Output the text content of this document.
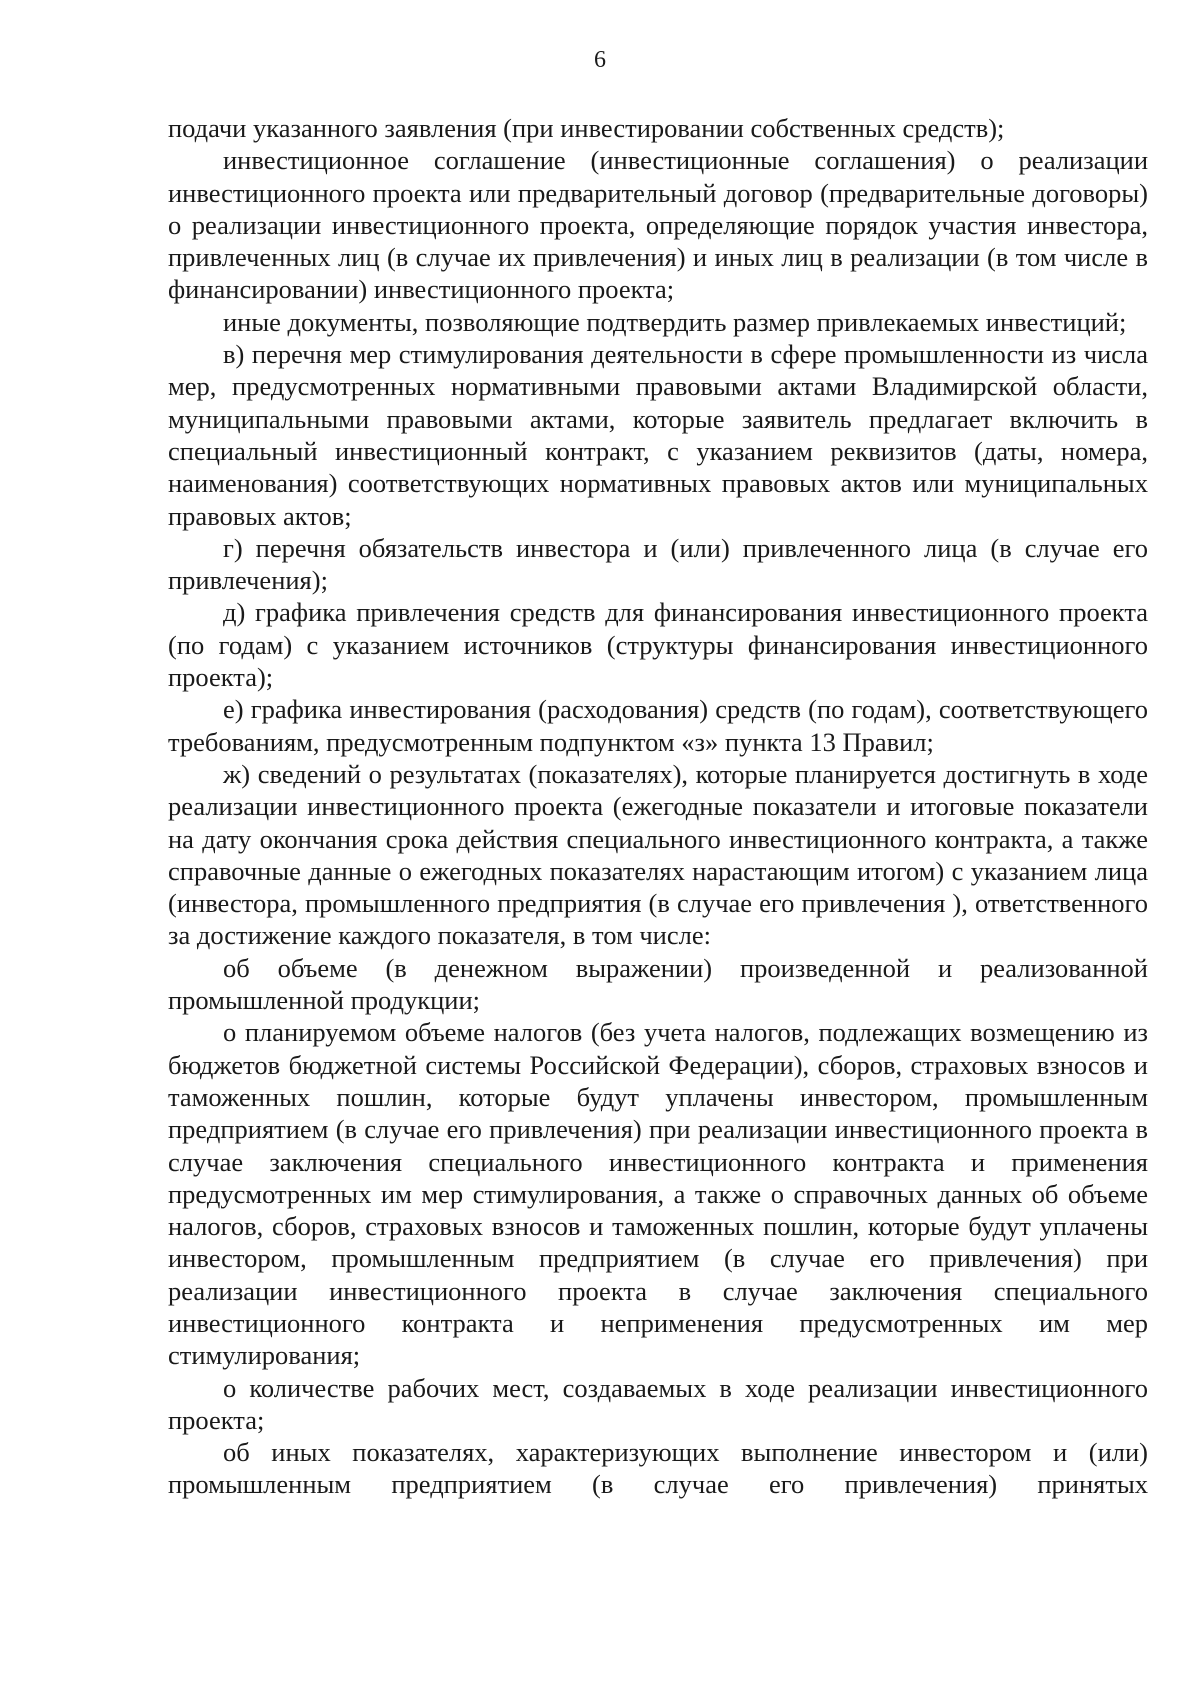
6

подачи указанного заявления (при инвестировании собственных средств);

инвестиционное соглашение (инвестиционные соглашения) о реализации инвестиционного проекта или предварительный договор (предварительные договоры) о реализации инвестиционного проекта, определяющие порядок участия инвестора, привлеченных лиц (в случае их привлечения) и иных лиц в реализации (в том числе в финансировании) инвестиционного проекта;

иные документы, позволяющие подтвердить размер привлекаемых инвестиций;

в) перечня мер стимулирования деятельности в сфере промышленности из числа мер, предусмотренных нормативными правовыми актами Владимирской области, муниципальными правовыми актами, которые заявитель предлагает включить в специальный инвестиционный контракт, с указанием реквизитов (даты, номера, наименования) соответствующих нормативных правовых актов или муниципальных правовых актов;

г) перечня обязательств инвестора и (или) привлеченного лица (в случае его привлечения);

д) графика привлечения средств для финансирования инвестиционного проекта (по годам) с указанием источников (структуры финансирования инвестиционного проекта);

е) графика инвестирования (расходования) средств (по годам), соответствующего требованиям, предусмотренным подпунктом «з» пункта 13 Правил;

ж) сведений о результатах (показателях), которые планируется достигнуть в ходе реализации инвестиционного проекта (ежегодные показатели и итоговые показатели на дату окончания срока действия специального инвестиционного контракта, а также справочные данные о ежегодных показателях нарастающим итогом) с указанием лица (инвестора, промышленного предприятия (в случае его привлечения ), ответственного за достижение каждого показателя, в том числе:

об объеме (в денежном выражении) произведенной и реализованной промышленной продукции;

о планируемом объеме налогов (без учета налогов, подлежащих возмещению из бюджетов бюджетной системы Российской Федерации), сборов, страховых взносов и таможенных пошлин, которые будут уплачены инвестором, промышленным предприятием (в случае его привлечения) при реализации инвестиционного проекта в случае заключения специального инвестиционного контракта и применения предусмотренных им мер стимулирования, а также о справочных данных об объеме налогов, сборов, страховых взносов и таможенных пошлин, которые будут уплачены инвестором, промышленным предприятием (в случае его привлечения) при реализации инвестиционного проекта в случае заключения специального инвестиционного контракта и неприменения предусмотренных им мер стимулирования;

о количестве рабочих мест, создаваемых в ходе реализации инвестиционного проекта;

об иных показателях, характеризующих выполнение инвестором и (или) промышленным предприятием (в случае его привлечения) принятых
